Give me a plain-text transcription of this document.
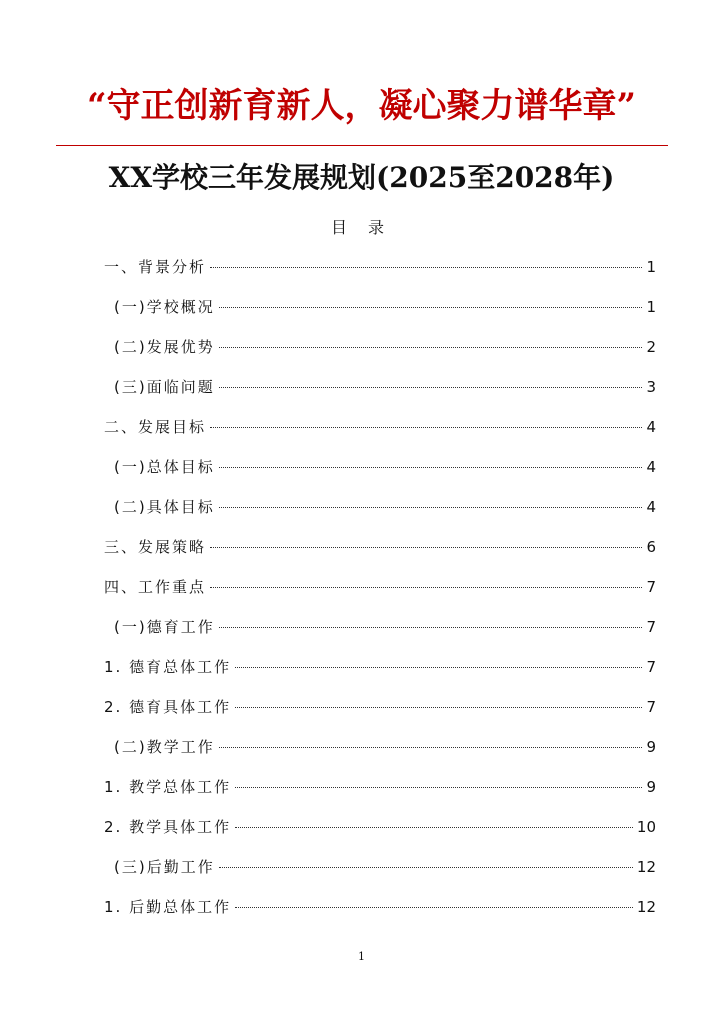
“守正创新育新人，凝心聚力谱华章”
XX学校三年发展规划(2025至2028年)
目 录
一、背景分析	1
(一)学校概况	1
(二)发展优势	2
(三)面临问题	3
二、发展目标	4
(一)总体目标	4
(二)具体目标	4
三、发展策略	6
四、工作重点	7
(一)德育工作	7
1. 德育总体工作	7
2. 德育具体工作	7
(二)教学工作	9
1. 教学总体工作	9
2. 教学具体工作	10
(三)后勤工作	12
1. 后勤总体工作	12
1
